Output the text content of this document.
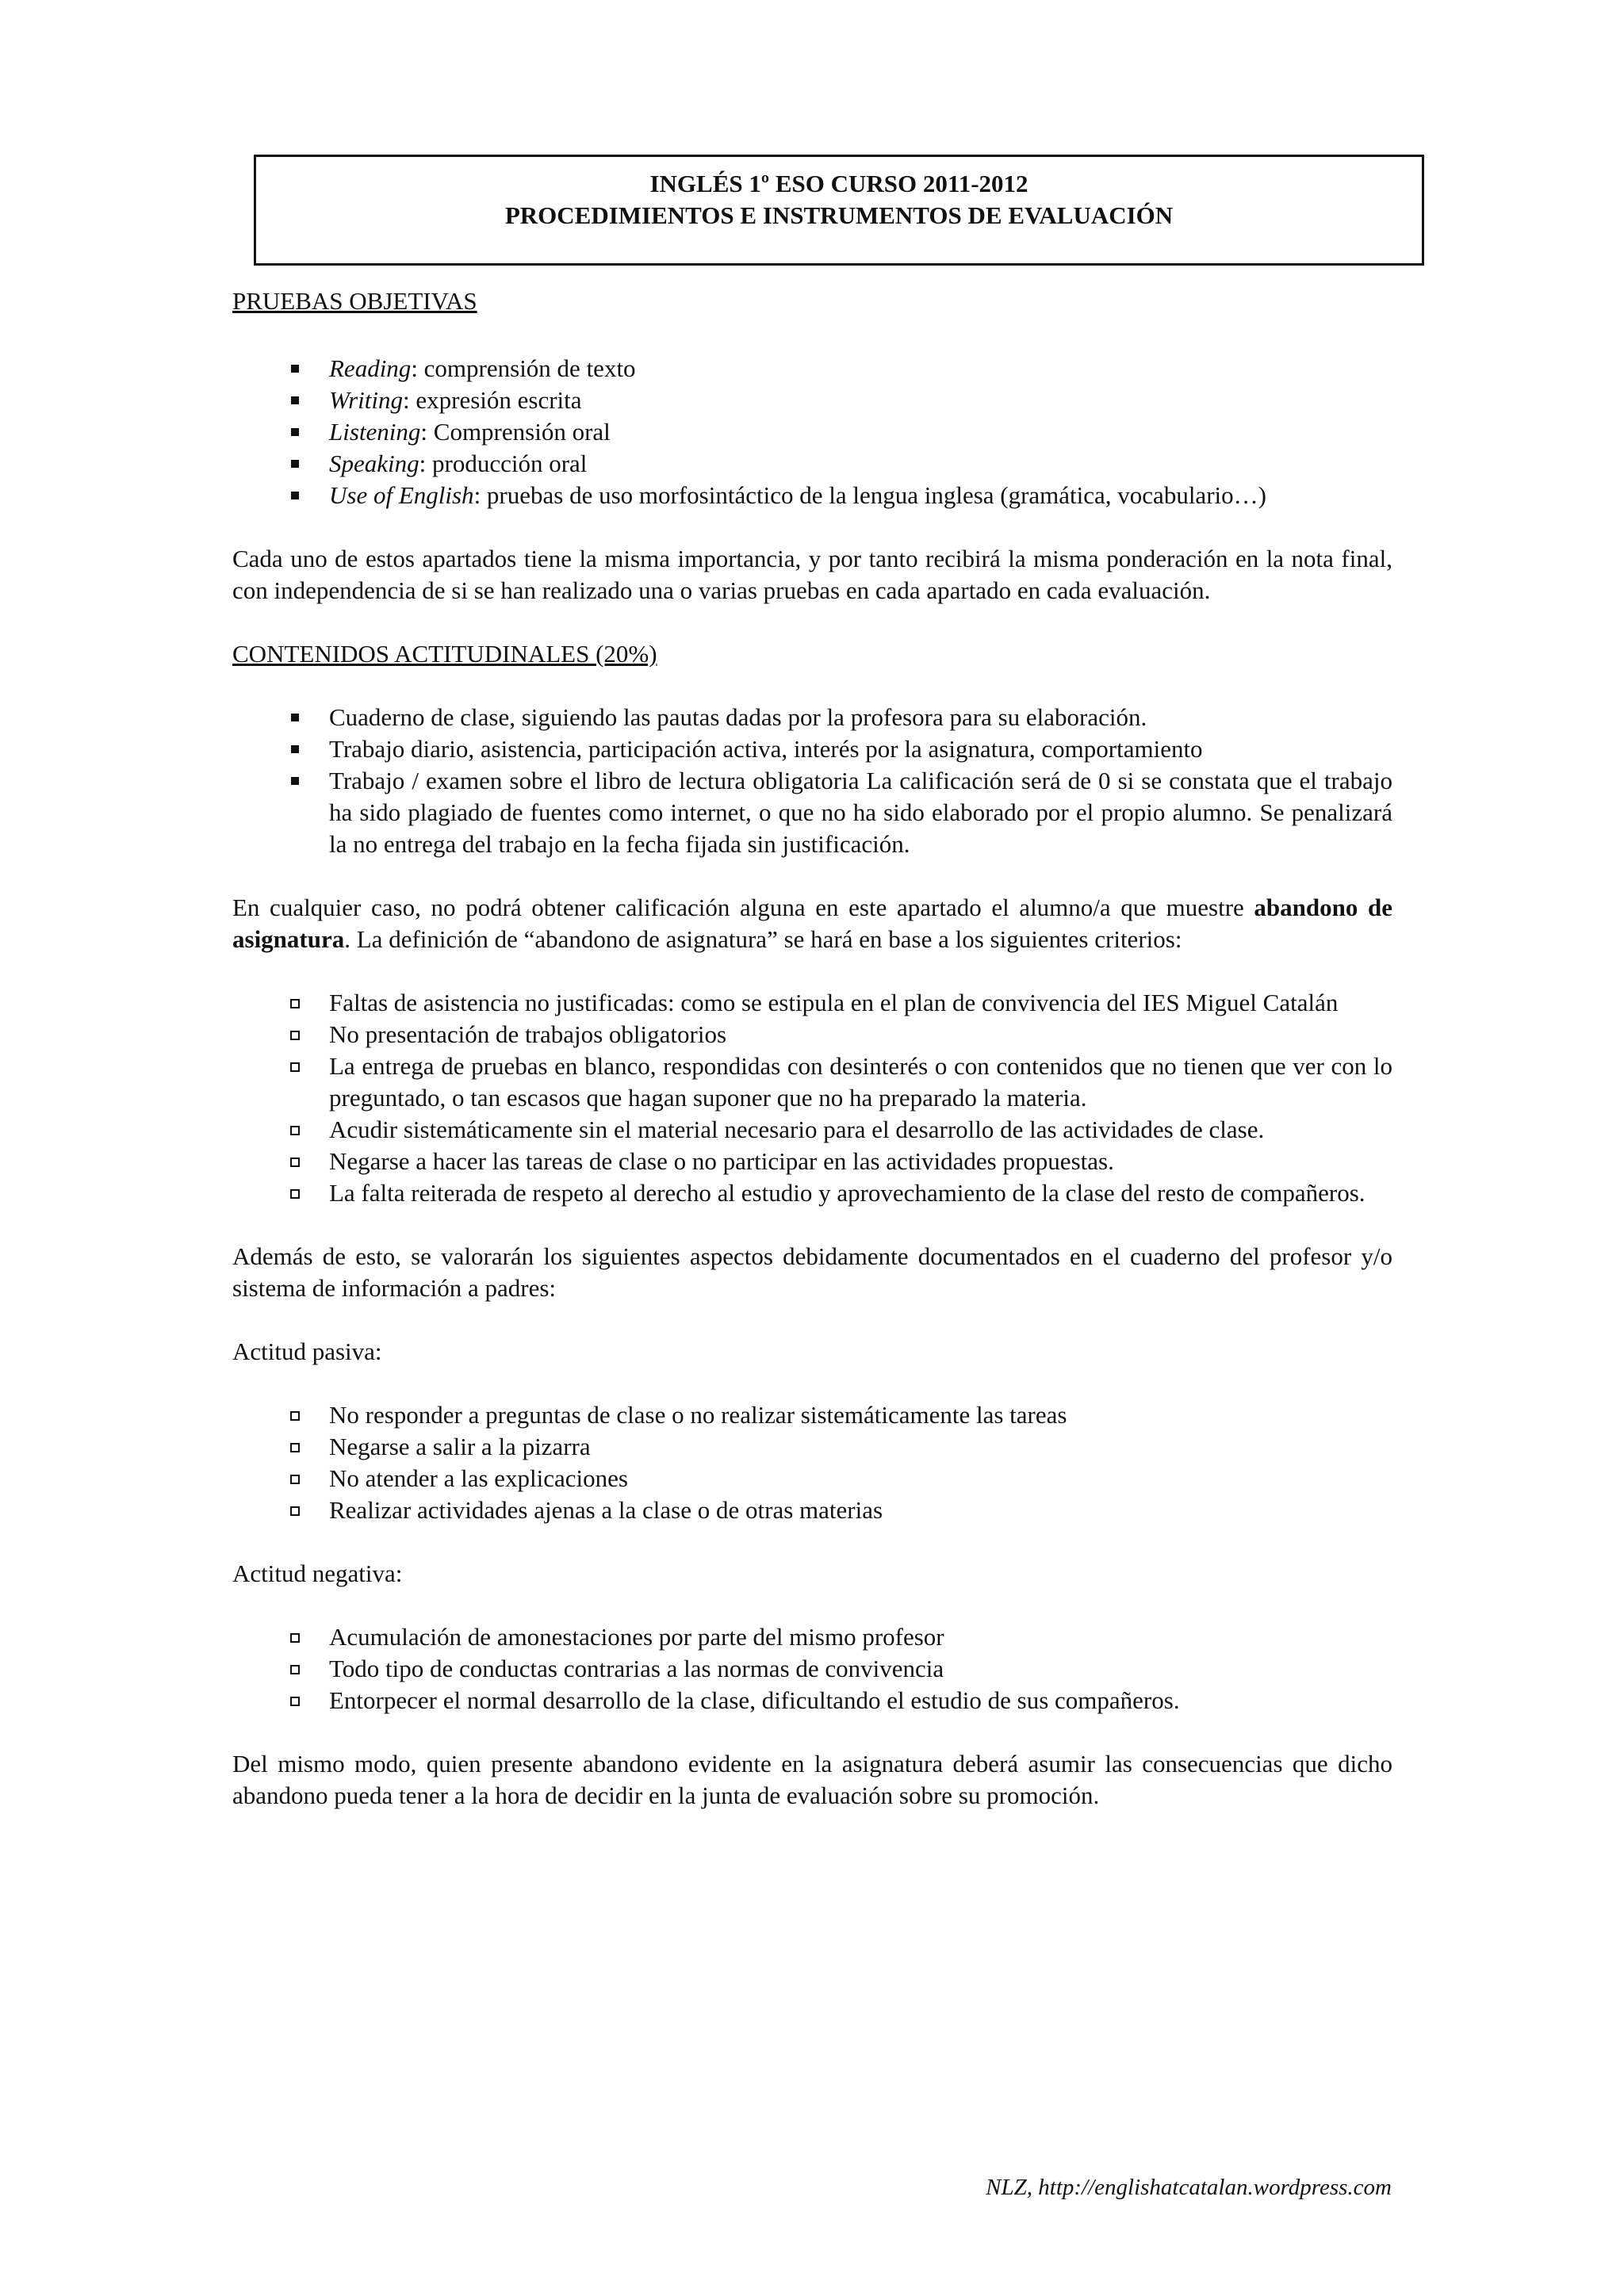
INGLÉS 1º ESO CURSO 2011-2012
PROCEDIMIENTOS E INSTRUMENTOS DE EVALUACIÓN

PRUEBAS OBJETIVAS

Reading: comprensión de texto
Writing: expresión escrita
Listening: Comprensión oral
Speaking: producción oral
Use of English: pruebas de uso morfosintáctico de la lengua inglesa (gramática, vocabulario…)

Cada uno de estos apartados tiene la misma importancia, y por tanto recibirá la misma ponderación en la nota final, con independencia de si se han realizado una o varias pruebas en cada apartado en cada evaluación.

CONTENIDOS ACTITUDINALES (20%)

Cuaderno de clase, siguiendo las pautas dadas por la profesora para su elaboración.
Trabajo diario, asistencia, participación activa, interés por la asignatura, comportamiento
Trabajo / examen sobre el libro de lectura obligatoria La calificación será de 0 si se constata que el trabajo ha sido plagiado de fuentes como internet, o que no ha sido elaborado por el propio alumno. Se penalizará la no entrega del trabajo en la fecha fijada sin justificación.

En cualquier caso, no podrá obtener calificación alguna en este apartado el alumno/a que muestre abandono de asignatura. La definición de “abandono de asignatura” se hará en base a los siguientes criterios:

Faltas de asistencia no justificadas: como se estipula en el plan de convivencia del IES Miguel Catalán
No presentación de trabajos obligatorios
La entrega de pruebas en blanco, respondidas con desinterés o con contenidos que no tienen que ver con lo preguntado, o tan escasos que hagan suponer que no ha preparado la materia.
Acudir sistemáticamente sin el material necesario para el desarrollo de las actividades de clase.
Negarse a hacer las tareas de clase o no participar en las actividades propuestas.
La falta reiterada de respeto al derecho al estudio y aprovechamiento de la clase del resto de compañeros.

Además de esto, se valorarán los siguientes aspectos debidamente documentados en el cuaderno del profesor y/o sistema de información a padres:

Actitud pasiva:

No responder a preguntas de clase o no realizar sistemáticamente las tareas
Negarse a salir a la pizarra
No atender a las explicaciones
Realizar actividades ajenas a la clase o de otras materias

Actitud negativa:

Acumulación de amonestaciones por parte del mismo profesor
Todo tipo de conductas contrarias a las normas de convivencia
Entorpecer el normal desarrollo de la clase, dificultando el estudio de sus compañeros.

Del mismo modo, quien presente abandono evidente en la asignatura deberá asumir las consecuencias que dicho abandono pueda tener a la hora de decidir en la junta de evaluación sobre su promoción.

NLZ, http://englishatcatalan.wordpress.com
